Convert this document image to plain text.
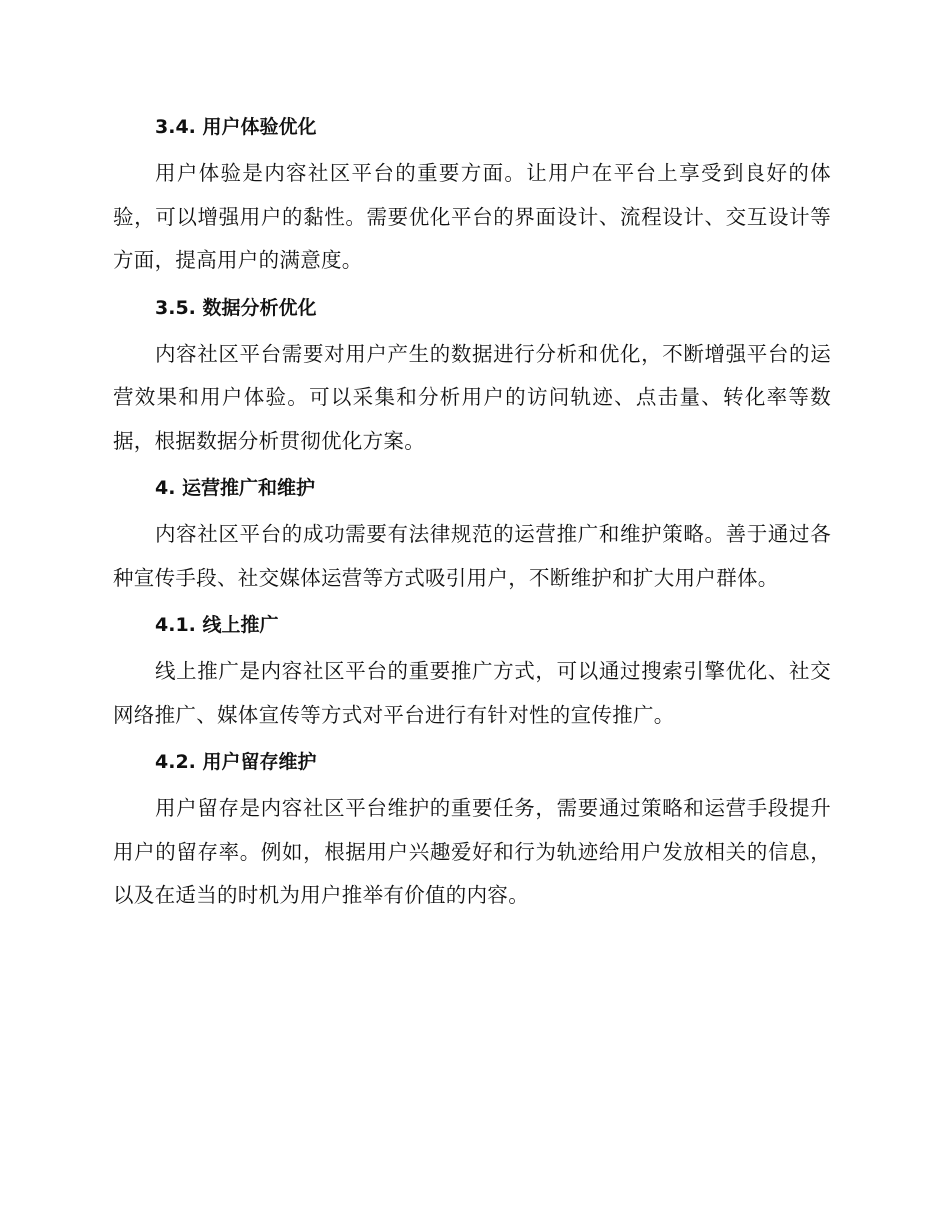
3.4. 用户体验优化

用户体验是内容社区平台的重要方面。让用户在平台上享受到良好的体验，可以增强用户的黏性。需要优化平台的界面设计、流程设计、交互设计等方面，提高用户的满意度。

3.5. 数据分析优化

内容社区平台需要对用户产生的数据进行分析和优化，不断增强平台的运营效果和用户体验。可以采集和分析用户的访问轨迹、点击量、转化率等数据，根据数据分析贯彻优化方案。

4. 运营推广和维护

内容社区平台的成功需要有法律规范的运营推广和维护策略。善于通过各种宣传手段、社交媒体运营等方式吸引用户，不断维护和扩大用户群体。

4.1. 线上推广

线上推广是内容社区平台的重要推广方式，可以通过搜索引擎优化、社交网络推广、媒体宣传等方式对平台进行有针对性的宣传推广。

4.2. 用户留存维护

用户留存是内容社区平台维护的重要任务，需要通过策略和运营手段提升用户的留存率。例如，根据用户兴趣爱好和行为轨迹给用户发放相关的信息，以及在适当的时机为用户推举有价值的内容。
